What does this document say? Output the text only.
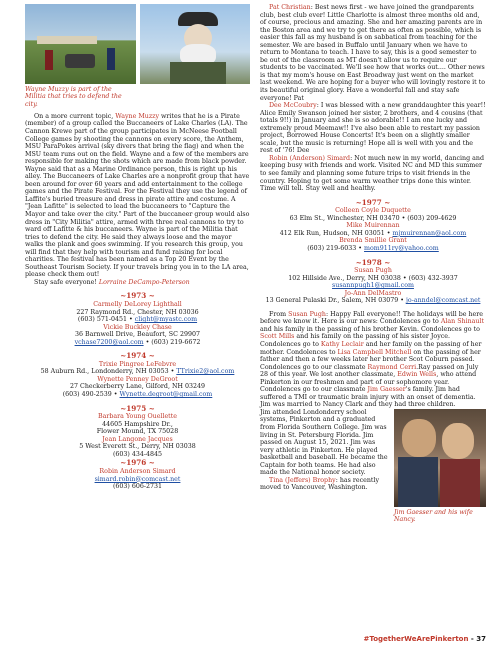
Wayne Muzzy is part of the Militia that tries to defend the city.

On a more current topic, Wayne Muzzy writes that he is a Pirate (member) of a group called the Buccaneers of Lake Charles (LA). The Cannon Krewe part of the group participates in McNeese Football College games by shooting the cannons on every score, the Anthem, MSU ParaPokes arrival (sky divers that bring the flag) and when the MSU team runs out on the field. Wayne and a few of the members are responsible for making the shots which are made from black powder. Wayne said that as a Marine Ordinance person, this is right up his alley. The Buccaneers of Lake Charles are a nonprofit group that have been around for over 60 years and add entertainment to the college games and the Pirate Festival. For the Festival they use the legend of Laffite's buried treasure and dress in pirate attire and costume. A "Jean Lafitte" is selected to lead the buccaneers to "Capture the Mayor and take over the city." Part of the buccaneer group would also dress in "City Militia" attire, armed with three real cannons to try to ward off Lafitte & his buccaneers. Wayne is part of the Militia that tries to defend the city. He said they always loose and the mayor walks the plank and goes swimming. If you research this group, you will find that they help with tourism and fund raising for local charities. The festival has been named as a Top 20 Event by the Southeast Tourism Society. If your travels bring you in to the LA area, please check them out!

Stay safe everyone! Lorraine DeCampo-Peterson

~1973 ~
Carmelly DeLorey Lighthall
227 Raymond Rd., Chester, NH 03036
(603) 571-0451 • clight@myastc.com
Vickie Buckley Chase
36 Barnwell Drive, Beaufort, SC 29907
vchase7200@aol.com • (603) 219-6672
~1974 ~
Trixie Pingree LeFebvre
58 Auburn Rd., Londonderry, NH 03053 • TTrixie2@aol.com
Wynette Penney DeGroot
27 Checkerberry Lane, Gilford, NH 03249
(603) 490-2539 • Wynette.degroot@gmail.com
~1975 ~
Barbara Young Ouellette
44605 Hampshire Dr.,
Flower Mound, TX 75028
Jean Langone Jacques
5 West Everett St., Derry, NH 03038
(603) 434-4845
~1976 ~
Robin Anderson Simard
simard.robin@comcast.net
(603) 606-2731

Pat Christian: Best news first - we have joined the grandparents club, best club ever! Little Charlotte is almost three months old and, of course, precious and amazing. She and her amazing parents are in the Boston area and we try to get there as often as possible, which is easier this fall as my husband is on sabbatical from teaching for the semester. We are based in Buffalo until January when we have to return to Montana to teach. I have to say, this is a good semester to be out of the classroom as MT doesn't allow us to require our students to be vaccinated. We'll see how that works out.... Other news is that my mom's house on East Broadway just went on the market last weekend. We are hoping for a buyer who will lovingly restore it to its beautiful original glory. Have a wonderful fall and stay safe everyone! Pat

Dee McCoubry: I was blessed with a new granddaughter this year!! Alice Emily Swanson joined her sister, 2 brothers, and 4 cousins (that totals 9!!) in January and she is so adorable!! I am one lucky and extremely proud Meemaw!! I've also been able to restart my passion project, Borrowed House Concerts! It's been on a slightly smaller scale, but the music is returning! Hope all is well with you and the rest of '76! Dee

Robin (Anderson) Simard: Not much new in my world, dancing and keeping busy with friends and work. Visited NC and MD this summer to see family and planning some future trips to visit friends in the country. Hoping to get some warm weather trips done this winter. Time will tell. Stay well and healthy.

~1977 ~
Colleen Coyle Duquette
63 Elm St., Winchester, NH 03470 • (603) 209-4629
Mike Muirennan
412 Elk Run, Hudson, NH 03051 • mjmuirennan@aol.com
Brenda Smillie Grant
(603) 219-6033 • mom911ry@yahoo.com
~1978 ~
Susan Pugh
102 Hillside Ave., Derry, NH 03038 • (603) 432-3937
susannpugh1@gmail.com
Jo-Ann DelMastro
13 General Pulaski Dr., Salem, NH 03079 • jo-anndel@comcast.net

From Susan Pugh: Happy Fall everyone!! The holidays will be here before we know it. Here is our news: Condolences go to Alan Shinault and his family in the passing of his brother Kevin. Condolences go to Scott Mills and his family on the passing of his sister Joyce. Condolences go to Kathy Leclair and her family on the passing of her mother. Condolences to Lisa Campbell Mitchell on the passing of her father and then a few weeks later her brother Scot Coburn passed. Condolences go to our classmate Raymond Cerri.Ray passed on July 28 of this year. We lost another classmate, Edwin Wells, who attend Pinkerton in our freshmen and part of our sophomore year. Condolences go to our classmate Jim Gaesser's family. Jim had suffered a TMI or traumatic brain injury with an onset of dementia. Jim was married to Nancy Clark and they had three children.

Jim attended Londonderry school systems, Pinkerton and a graduated from Florida Southern College. Jim was living in St. Petersburg Florida. Jim passed on August 15, 2021. Jim was very athletic in Pinkerton. He played basketball and baseball. He became the Captain for both teams. He had also made the National honor society.

Tina (Jeffers) Brophy: has recently moved to Vancouver, Washington.

Jim Gaesser and his wife Nancy.

#TogetherWeArePinkerton - 37
